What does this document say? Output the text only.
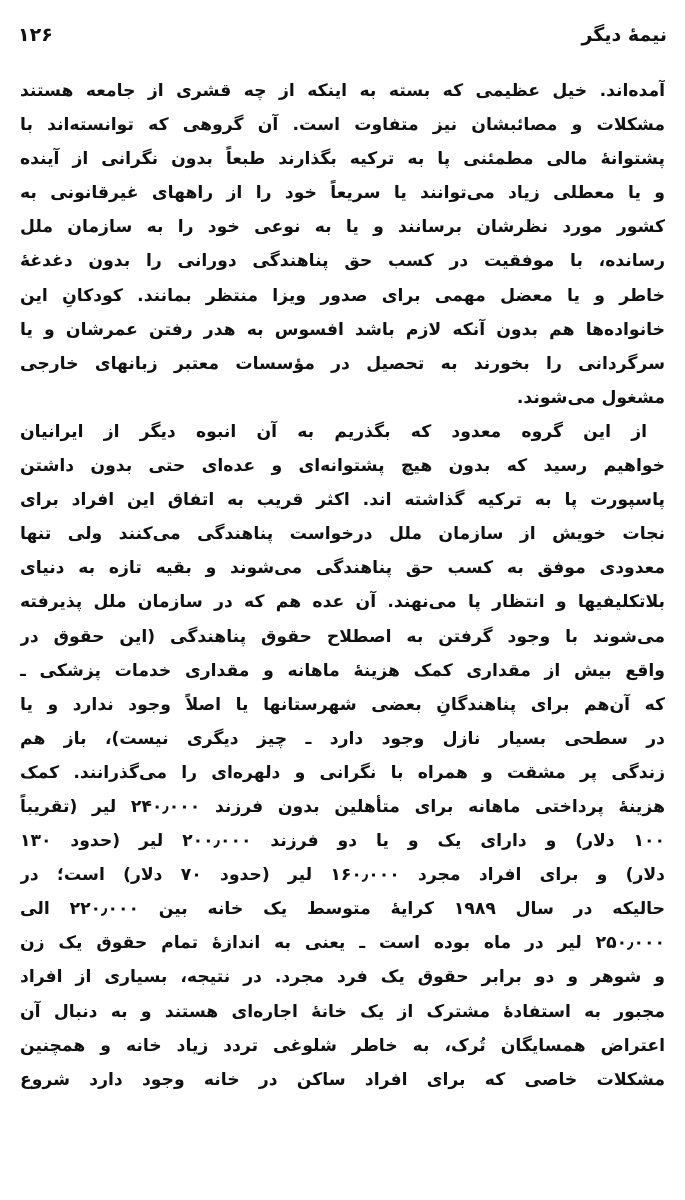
نیمهٔ دیگر
۱۲۶
آمده‌اند. خیل عظیمی که بسته به اینکه از چه قشری از جامعه هستند
مشکلات و مصائبشان نیز متفاوت است. آن گروهی که توانسته‌اند با
پشتوانهٔ مالی مطمئنی پا به ترکیه بگذارند طبعاً بدون نگرانی از آینده
و یا معطلی زیاد می‌توانند یا سریعاً خود را از راههای غیرقانونی به
کشور مورد نظرشان برسانند و یا به نوعی خود را به سازمان ملل
رسانده، با موفقیت در کسب حق پناهندگی دورانی را بدون دغدغهٔ
خاطر و یا معضل مهمی برای صدور ویزا منتظر بمانند. کودکانِ این
خانواده‌ها هم بدون آنکه لازم باشد افسوس به هدر رفتن عمرشان و یا
سرگردانی را بخورند به تحصیل در مؤسسات معتبر زبانهای خارجی
مشغول می‌شوند.
از این گروه معدود که بگذریم به آن انبوه دیگر از ایرانیان
خواهیم رسید که بدون هیچ پشتوانه‌ای و عده‌ای حتی بدون داشتن
پاسپورت پا به ترکیه گذاشته اند. اکثر قریب به اتفاق این افراد برای
نجات خویش از سازمان ملل درخواست پناهندگی می‌کنند ولی تنها
معدودی موفق به کسب حق پناهندگی می‌شوند و بقیه تازه به دنیای
بلاتکلیفیها و انتظار پا می‌نهند. آن عده هم که در سازمان ملل پذیرفته
می‌شوند با وجود گرفتن به اصطلاح حقوق پناهندگی (این حقوق در
واقع بیش از مقداری کمک هزینهٔ ماهانه و مقداری خدمات پزشکی ـ
که آن‌هم برای پناهندگانِ بعضی شهرستانها یا اصلاً وجود ندارد و یا
در سطحی بسیار نازل وجود دارد ـ چیز دیگری نیست)، باز هم
زندگی پر مشقت و همراه با نگرانی و دلهره‌ای را می‌گذرانند. کمک
هزینهٔ پرداختی ماهانه برای متأهلین بدون فرزند ۲۴۰٫۰۰۰ لیر (تقریباً
۱۰۰ دلار) و دارای یک و یا دو فرزند ۲۰۰٫۰۰۰ لیر (حدود ۱۳۰
دلار) و برای افراد مجرد ۱۶۰٫۰۰۰ لیر (حدود ۷۰ دلار) است؛ در
حالیکه در سال ۱۹۸۹ کرایهٔ متوسط یک خانه بین ۲۲۰٫۰۰۰ الی
۲۵۰٫۰۰۰ لیر در ماه بوده است ـ یعنی به اندازهٔ تمام حقوق یک زن
و شوهر و دو برابر حقوق یک فرد مجرد. در نتیجه، بسیاری از افراد
مجبور به استفادهٔ مشترک از یک خانهٔ اجاره‌ای هستند و به دنبال آن
اعتراض همسایگان تُرک، به خاطر شلوغی تردد زیاد خانه و همچنین
مشکلات خاصی که برای افراد ساکن در خانه وجود دارد شروع
